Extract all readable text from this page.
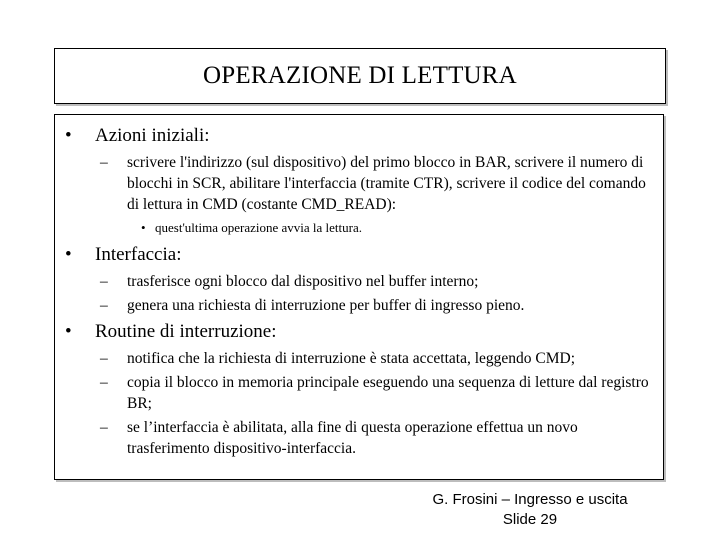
OPERAZIONE DI LETTURA
•	Azioni iniziali:
–	scrivere l'indirizzo (sul dispositivo) del primo blocco in BAR, scrivere il numero di blocchi in SCR, abilitare l'interfaccia (tramite CTR), scrivere il codice del comando di lettura in CMD (costante CMD_READ):
• quest'ultima operazione avvia la lettura.
•	Interfaccia:
–	trasferisce ogni blocco dal dispositivo nel buffer interno;
–	genera una richiesta di interruzione per buffer di ingresso pieno.
•	Routine di interruzione:
–	notifica che la richiesta di interruzione è stata accettata, leggendo CMD;
–	copia il blocco in memoria principale eseguendo una sequenza di letture dal registro BR;
–	se l’interfaccia è abilitata, alla fine di questa operazione effettua un novo trasferimento dispositivo-interfaccia.
G. Frosini – Ingresso e uscita
Slide 29
